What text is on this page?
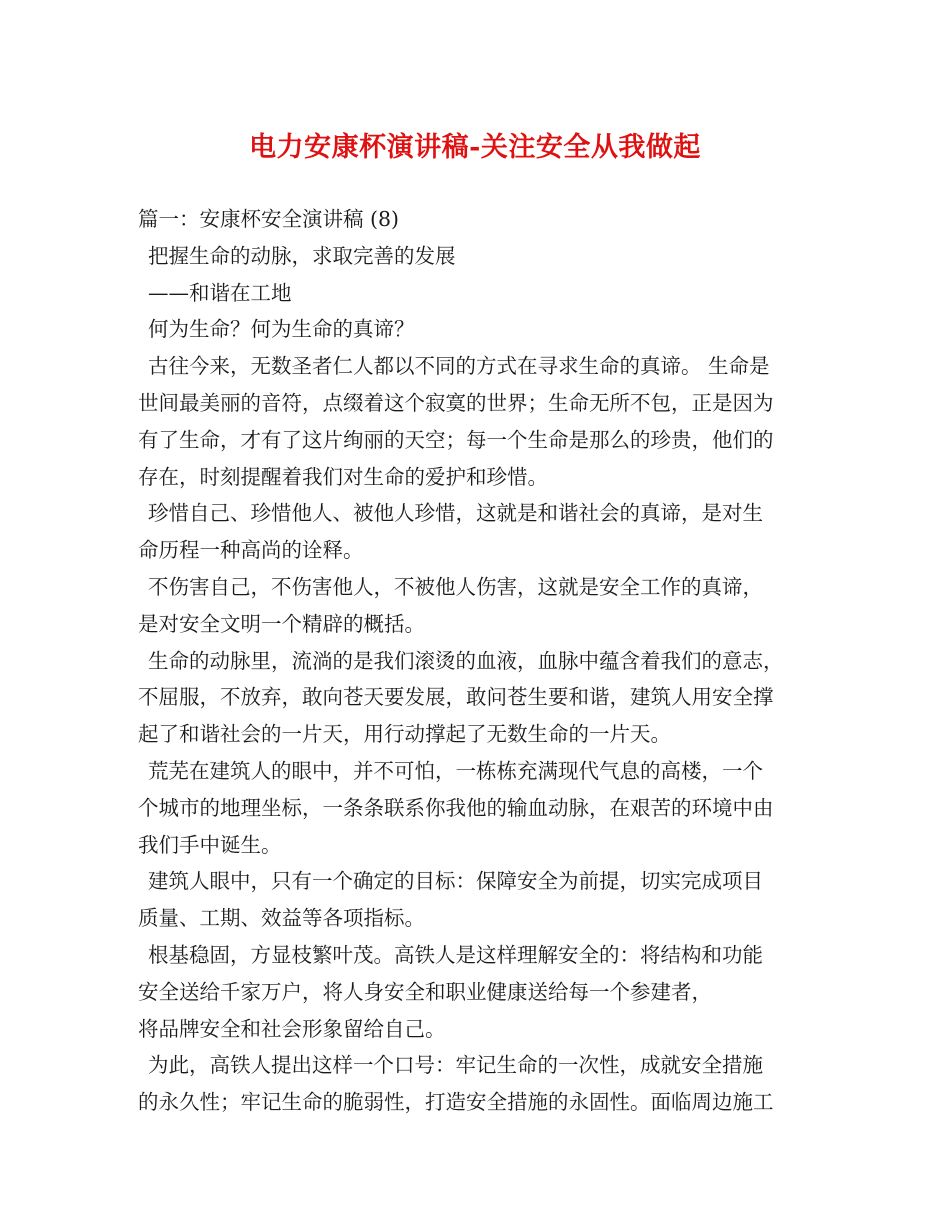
电力安康杯演讲稿-关注安全从我做起
篇一：安康杯安全演讲稿 (8)
把握生命的动脉，求取完善的发展
——和谐在工地
何为生命？何为生命的真谛？
古往今来，无数圣者仁人都以不同的方式在寻求生命的真谛。 生命是
世间最美丽的音符，点缀着这个寂寞的世界；生命无所不包，正是因为
有了生命，才有了这片绚丽的天空；每一个生命是那么的珍贵，他们的
存在，时刻提醒着我们对生命的爱护和珍惜。
珍惜自己、珍惜他人、被他人珍惜，这就是和谐社会的真谛，是对生
命历程一种高尚的诠释。
不伤害自己，不伤害他人，不被他人伤害，这就是安全工作的真谛，
是对安全文明一个精辟的概括。
生命的动脉里，流淌的是我们滚烫的血液，血脉中蕴含着我们的意志，
不屈服，不放弃，敢向苍天要发展，敢问苍生要和谐，建筑人用安全撑
起了和谐社会的一片天，用行动撑起了无数生命的一片天。
荒芜在建筑人的眼中，并不可怕，一栋栋充满现代气息的高楼，一个
个城市的地理坐标，一条条联系你我他的输血动脉，在艰苦的环境中由
我们手中诞生。
建筑人眼中，只有一个确定的目标：保障安全为前提，切实完成项目
质量、工期、效益等各项指标。
根基稳固，方显枝繁叶茂。高铁人是这样理解安全的：将结构和功能
安全送给千家万户，将人身安全和职业健康送给每一个参建者，
将品牌安全和社会形象留给自己。
为此，高铁人提出这样一个口号：牢记生命的一次性，成就安全措施
的永久性；牢记生命的脆弱性，打造安全措施的永固性。面临周边施工
